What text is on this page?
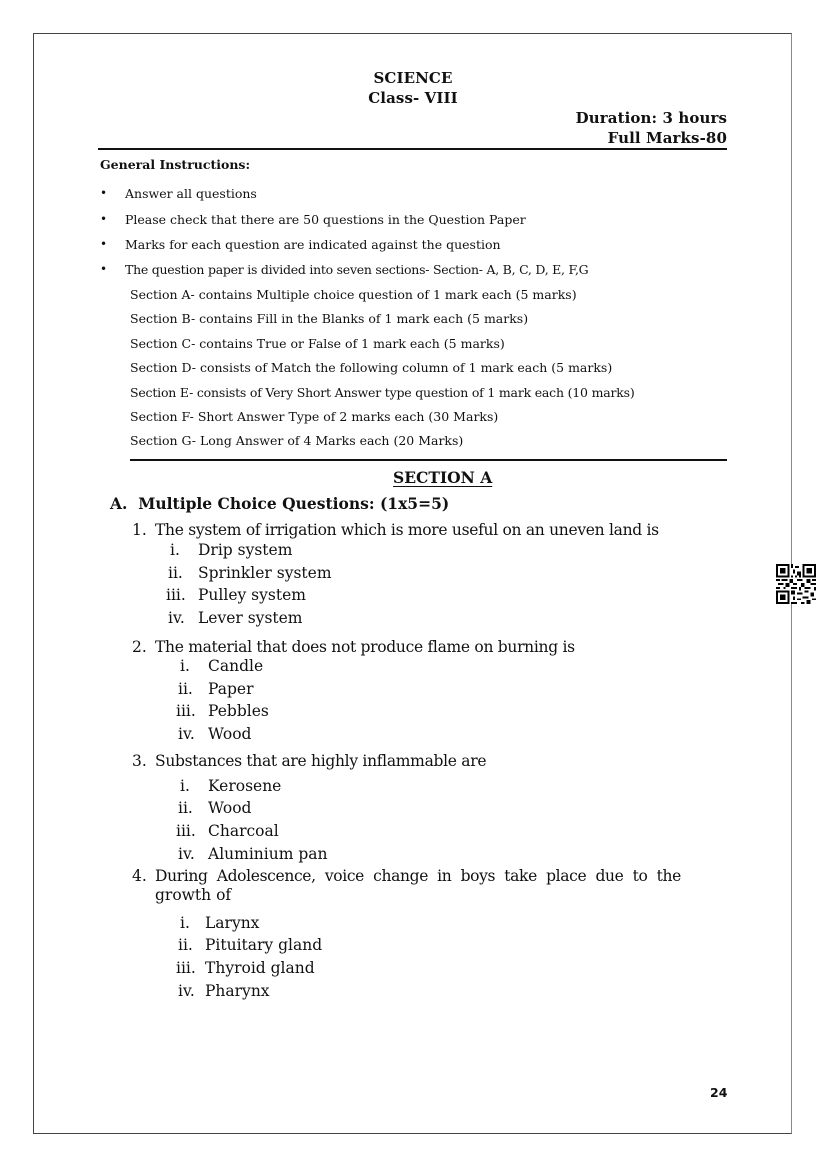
SCIENCE
Class- VIII
Duration: 3 hours
Full Marks-80
General Instructions:
• Answer all questions
• Please check that there are 50 questions in the Question Paper
• Marks for each question are indicated against the question
• The question paper is divided into seven sections- Section- A, B, C, D, E, F,G
Section A- contains Multiple choice question of 1 mark each (5 marks)
Section B- contains Fill in the Blanks of 1 mark each (5 marks)
Section C- contains True or False of 1 mark each (5 marks)
Section D- consists of Match the following column of 1 mark each (5 marks)
Section E- consists of Very Short Answer type question of 1 mark each (10 marks)
Section F- Short Answer Type of 2 marks each (30 Marks)
Section G- Long Answer of 4 Marks each (20 Marks)
SECTION A
A.  Multiple Choice Questions: (1x5=5)
1. The system of irrigation which is more useful on an uneven land is
i. Drip system
ii. Sprinkler system
iii. Pulley system
iv. Lever system
2. The material that does not produce flame on burning is
i. Candle
ii. Paper
iii. Pebbles
iv. Wood
3. Substances that are highly inflammable are
i. Kerosene
ii. Wood
iii. Charcoal
iv. Aluminium pan
4. During  Adolescence,  voice  change  in  boys  take  place  due  to  the
growth of
i. Larynx
ii. Pituitary gland
iii. Thyroid gland
iv. Pharynx
24
